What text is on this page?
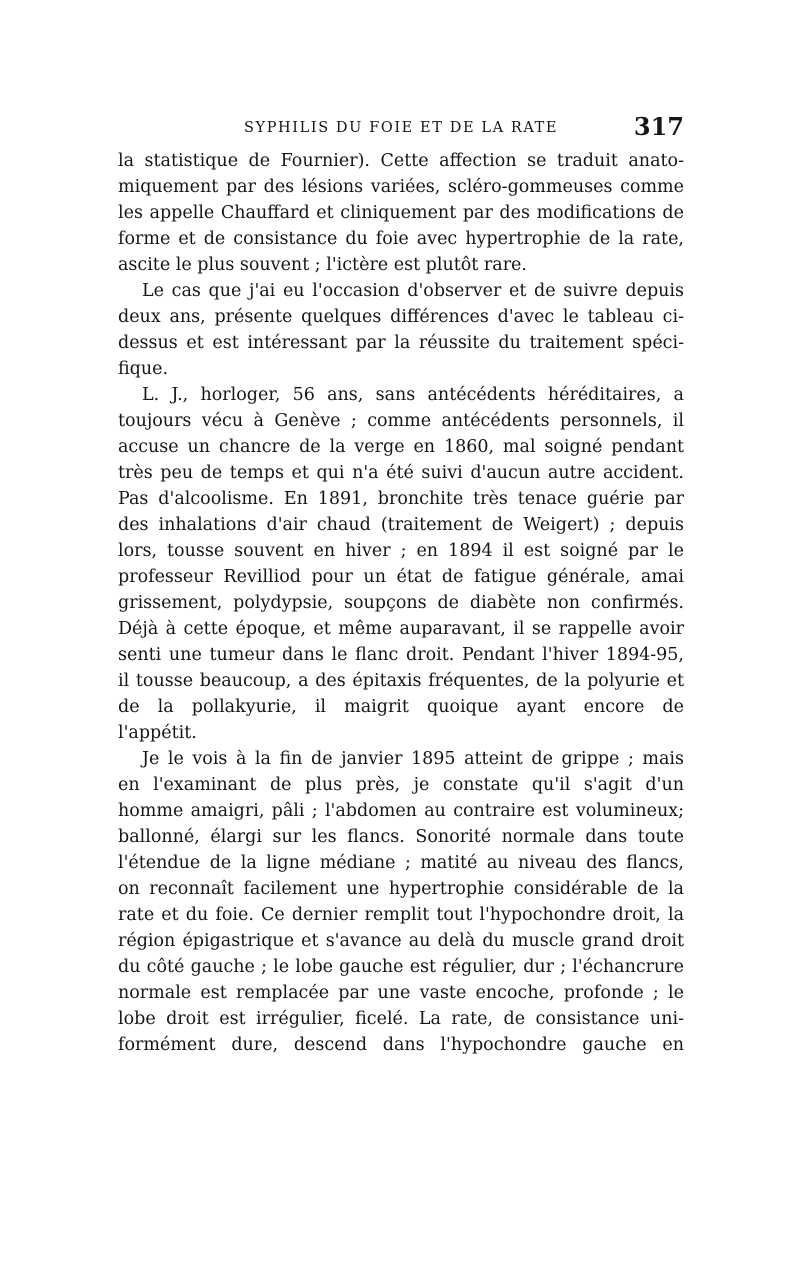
SYPHILIS DU FOIE ET DE LA RATE	317
la statistique de Fournier). Cette affection se traduit anato-
miquement par des lésions variées, scléro-gommeuses comme
les appelle Chauffard et cliniquement par des modifications de
forme et de consistance du foie avec hypertrophie de la rate,
ascite le plus souvent ; l'ictère est plutôt rare.
Le cas que j'ai eu l'occasion d'observer et de suivre depuis
deux ans, présente quelques différences d'avec le tableau ci-
dessus et est intéressant par la réussite du traitement spéci-
fique.
L. J., horloger, 56 ans, sans antécédents héréditaires, a
toujours vécu à Genève ; comme antécédents personnels, il
accuse un chancre de la verge en 1860, mal soigné pendant
très peu de temps et qui n'a été suivi d'aucun autre accident.
Pas d'alcoolisme. En 1891, bronchite très tenace guérie par
des inhalations d'air chaud (traitement de Weigert) ; depuis
lors, tousse souvent en hiver ; en 1894 il est soigné par le
professeur Revilliod pour un état de fatigue générale, amai
grissement, polydypsie, soupçons de diabète non confirmés.
Déjà à cette époque, et même auparavant, il se rappelle avoir
senti une tumeur dans le flanc droit. Pendant l'hiver 1894-95,
il tousse beaucoup, a des épitaxis fréquentes, de la polyurie et
de la pollakyurie, il maigrit quoique ayant encore de
l'appétit.
Je le vois à la fin de janvier 1895 atteint de grippe ; mais
en l'examinant de plus près, je constate qu'il s'agit d'un
homme amaigri, pâli ; l'abdomen au contraire est volumineux;
ballonné, élargi sur les flancs. Sonorité normale dans toute
l'étendue de la ligne médiane ; matité au niveau des flancs,
on reconnaît facilement une hypertrophie considérable de la
rate et du foie. Ce dernier remplit tout l'hypochondre droit, la
région épigastrique et s'avance au delà du muscle grand droit
du côté gauche ; le lobe gauche est régulier, dur ; l'échancrure
normale est remplacée par une vaste encoche, profonde ; le
lobe droit est irrégulier, ficelé. La rate, de consistance uni-
formément dure, descend dans l'hypochondre gauche en
